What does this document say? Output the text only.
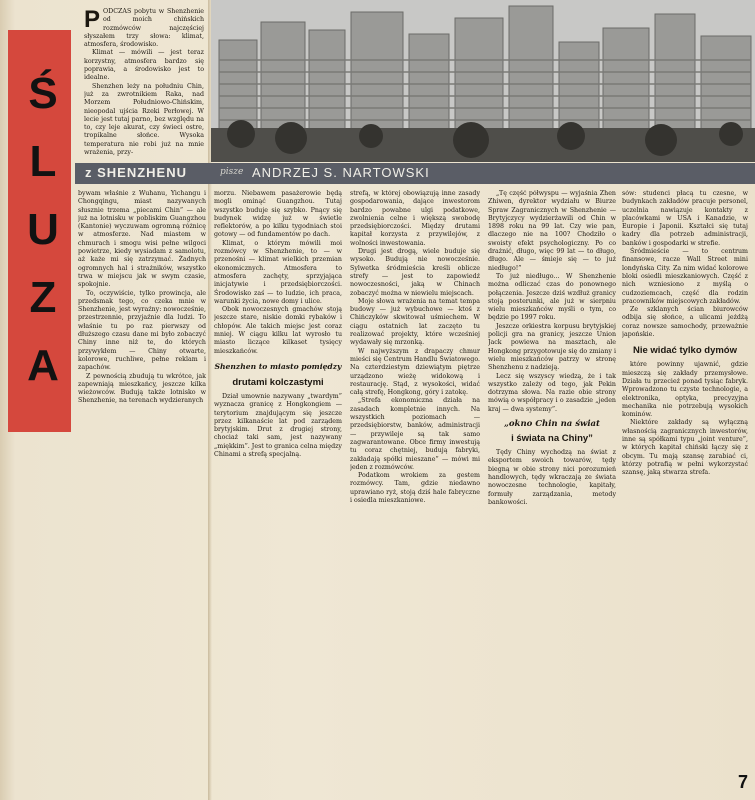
Ś
L
U
Z
A
P ODCZAS pobytu w Shenzhenie od moich chińskich rozmówców najczęściej słyszałem trzy słowa: klimat, atmosfera, środowisko.

Klimat — mówili — jest teraz korzystny, atmosfera bardzo się poprawia, a środowisko jest to idealne.

Shenzhen leży na południu Chin, już za zwrotnikiem Raka, nad Morzem Południowo-Chińskim, nieopodal ujścia Rzeki Perłowej. W lecie jest tutaj parno, bez względu na to, czy leje akurat, czy świeci ostre, tropikalne słońce. Wysoka temperatura nie robi już na mnie wrażenia, przy-

z SHENZHENU	pisze ANDRZEJ S. NARTOWSKI

bywam właśnie z Wuhanu, Yichangu i Chongqingu, miast nazywanych słusznie trzema „piecami Chin” — ale już na lotnisku w pobliskim Guangzhou (Kantonie) wyczuwam ogromną różnicę w atmosferze. Nad miastem w chmurach i smogu wisi pełne wilgoci powietrze, kiedy wysiadam z samolotu, aż każe mi się zatrzymać. Żadnych ogromnych hal i strażników, wszystko trwa w miejscu jak w swym czasie, spokojnie.

To, oczywiście, tylko prowincja, ale przedsmak tego, co czeka mnie w Shenzhenie, jest wyraźny: nowocześnie, przestrzennie, przyjaźnie dla ludzi. To właśnie tu po raz pierwszy od dłuższego czasu dane mi było zobaczyć Chiny inne niż te, do których przywykłem — Chiny otwarte, kolorowe, ruchliwe, pełne reklam i zapachów.

Z pewnością zbudują tu wkrótce, jak zapewniają mieszkańcy, jeszcze kilka wieżowców. Budują także lotnisko w Shenzhenie, na terenach wydzieranych

morzu. Niebawem pasażerowie będą mogli ominąć Guangzhou. Tutaj wszystko buduje się szybko. Pnący się budynek widzę już w świetle reflektorów, a po kilku tygodniach stoi gotowy — od fundamentów po dach.

Klimat, o którym mówili moi rozmówcy w Shenzhenie, to — w przenośni — klimat wielkich przemian ekonomicznych. Atmosfera to atmosfera zachęty, sprzyjająca inicjatywie i przedsiębiorczości. Środowisko zaś — to ludzie, ich praca, warunki życia, nowe domy i ulice.

Obok nowoczesnych gmachów stoją jeszcze stare, niskie domki rybaków i chłopów. Ale takich miejsc jest coraz mniej. W ciągu kilku lat wyrosło tu miasto liczące kilkaset tysięcy mieszkańców.

Shenzhen to miasto pomiędzy
drutami kolczastymi

Dział umownie nazywany „twardym” wyznacza granicę z Hongkongiem — terytorium znajdującym się jeszcze przez kilkanaście lat pod zarządem brytyjskim. Drut z drugiej strony, chociaż taki sam, jest nazywany „miękkim”. Jest to granica celna między Chinami a strefą specjalną.

strefą, w której obowiązują inne zasady gospodarowania, dające inwestorom bardzo powabne ulgi podatkowe, zwolnienia celne i większą swobodę przedsiębiorczości. Między drutami kapitał korzysta z przywilejów, z wolności inwestowania.

Drugi jest drogą, wiele buduje się wysoko. Budują nie nowocześnie. Sylwetka śródmieścia kreśli oblicze strefy — jest to zapowiedź nowoczesności, jaką w Chinach zobaczyć można w niewielu miejscach.

Moje słowa wrażenia na temat tempa budowy — już wybuchowe — ktoś z Chińczyków skwitował uśmiechem. W ciągu ostatnich lat zaczęto tu realizować projekty, które wcześniej wydawały się mrzonką.

W najwyższym z drapaczy chmur mieści się Centrum Handlu Światowego. Na czterdziestym dziewiątym piętrze urządzono wieżę widokową i restaurację. Stąd, z wysokości, widać całą strefę, Hongkong, góry i zatokę.

„Strefa ekonomiczna działa na zasadach kompletnie innych. Na wszystkich poziomach — przedsiębiorstw, banków, administracji — przywileje są tak samo zagwarantowane. Obce firmy inwestują tu coraz chętniej, budują fabryki, zakładają spółki mieszane” — mówi mi jeden z rozmówców.

Podatkom wrokiem za gestem rozmówcy. Tam, gdzie niedawno uprawiano ryż, stoją dziś hale fabryczne i osiedla mieszkaniowe.

„Tę część półwyspu — wyjaśnia Zhen Zhiwen, dyrektor wydziału w Biurze Spraw Zagranicznych w Shenzhenie — Brytyjczycy wydzierżawili od Chin w 1898 roku na 99 lat. Czy wie pan, dlaczego nie na 100? Chodziło o swoisty efekt psychologiczny. Po co drażnić, długo, więc 99 lat — to długo, długo. Ale — śmieje się — to już niedługo!”

To już niedługo... W Shenzhenie można odliczać czas do ponownego połączenia. Jeszcze dziś wzdłuż granicy stoją posterunki, ale już w sierpniu wielu mieszkańców myśli o tym, co będzie po 1997 roku.

Jeszcze orkiestra korpusu brytyjskiej policji gra na granicy, jeszcze Union Jack powiewa na masztach, ale Hongkong przygotowuje się do zmiany i wielu mieszkańców patrzy w stronę Shenzhenu z nadzieją.

Lecz się wszyscy wiedzą, że i tak wszystko zależy od tego, jak Pekin dotrzyma słowa. Na razie obie strony mówią o współpracy i o zasadzie „jeden kraj — dwa systemy”.

„okno Chin na świat
i świata na Chiny”

Tędy Chiny wychodzą na świat z eksportem swoich towarów, tędy biegną w obie strony nici porozumień handlowych, tędy wkraczają ze świata nowoczesne technologie, kapitały, formuły zarządzania, metody bankowości.

sów: studenci płacą tu czesne, w budynkach zakładów pracuje personel, uczelnia nawiązuje kontakty z placówkami w USA i Kanadzie, w Europie i Japonii. Kształci się tutaj kadry dla potrzeb administracji, banków i gospodarki w strefie.

Śródmieście — to centrum finansowe, racze Wall Street mini londyńska City. Za nim widać kolorowe bloki osiedli mieszkaniowych. Część z nich wzniesiono z myślą o cudzoziemcach, część dla rodzin pracowników miejscowych zakładów.

Ze szklanych ścian biurowców odbija się słońce, a ulicami jeżdżą coraz nowsze samochody, przeważnie japońskie.

Nie widać tylko dymów

które powinny ujawnić, gdzie mieszczą się zakłady przemysłowe. Działa tu przecież ponad tysiąc fabryk. Wprowadzono tu czyste technologie, a elektronika, optyka, precyzyjna mechanika nie potrzebują wysokich kominów.

Niektóre zakłady są wyłączną własnością zagranicznych inwestorów, inne są spółkami typu „joint venture”, w których kapitał chiński łączy się z obcym. Tu mają szansę zarabiać ci, którzy potrafią w pełni wykorzystać szansę, jaką stwarza strefa.

7
